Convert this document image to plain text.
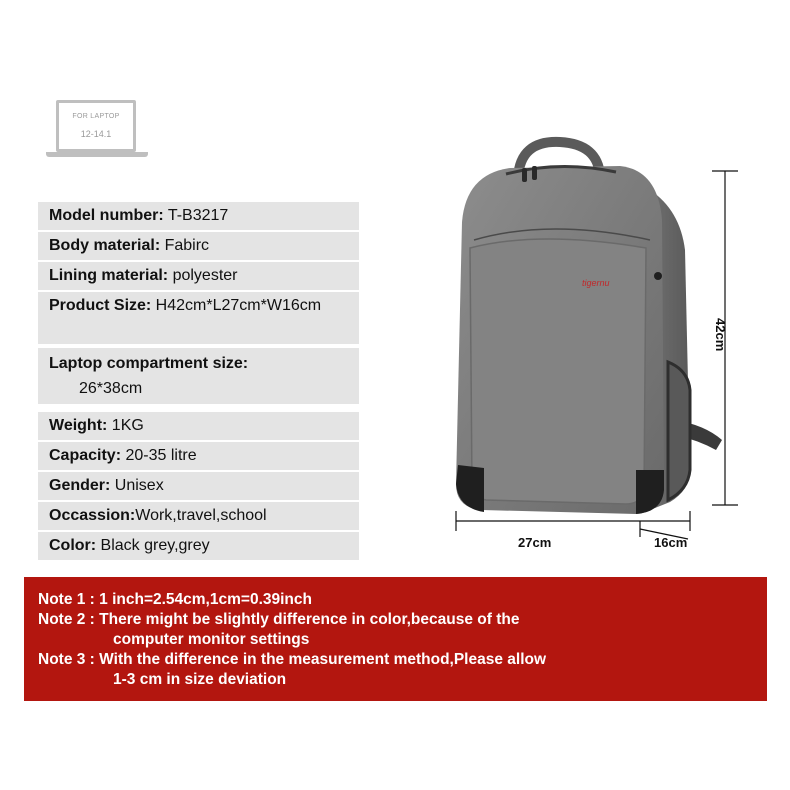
FOR LAPTOP
12-14.1
Model number: T-B3217
Body material: Fabirc
Lining material: polyester
Product Size: H42cm*L27cm*W16cm
Laptop compartment size:
26*38cm
Weight: 1KG
Capacity: 20-35 litre
Gender: Unisex
Occassion:Work,travel,school
Color: Black grey,grey
tigernu
42cm
27cm	16cm
Note 1 : 1 inch=2.54cm,1cm=0.39inch
Note 2 : There might be slightly difference in color,because of the
computer monitor settings
Note 3 : With the difference in the measurement method,Please allow
1-3 cm in size deviation
